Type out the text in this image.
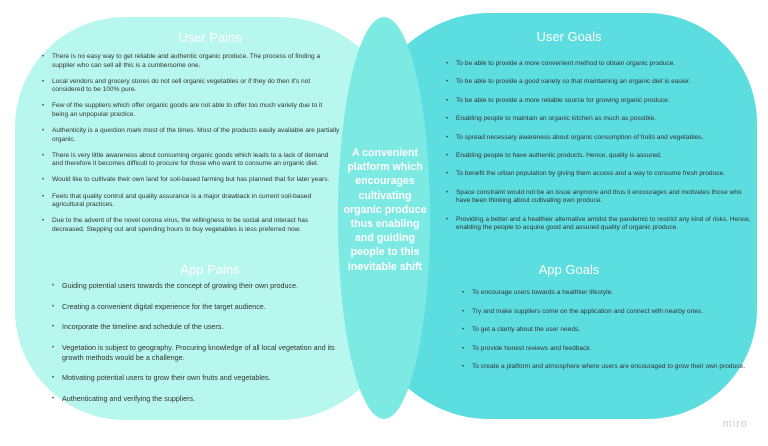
User Pains
• There is no easy way to get reliable and authentic organic produce. The process of finding a supplier who can sell all this is a cumbersome one.
• Local vendors and grocery stores do not sell organic vegetables or if they do then it's not considered to be 100% pure.
• Few of the suppliers which offer organic goods are not able to offer too much variety due to it being an unpopular practice.
• Authenticity is a question mark most of the times. Most of the products easily available are partially organic.
• There is very little awareness about consuming organic goods which leads to a lack of demand and therefore it becomes difficult to procure for those who want to consume an organic diet.
• Would like to cultivate their own land for soil-based farming but has planned that for later years.
• Feels that quality control and quality assurance is a major drawback in current soil-based agricultural practices.
• Due to the advent of the novel corona virus, the willingness to be social and interact has decreased. Stepping out and spending hours to buy vegetables is less preferred now.
App Pains
• Guiding potential users towards the concept of growing their own produce.
• Creating a convenient digital experience for the target audience.
• Incorporate the timeline and schedule of the users.
• Vegetation is subject to geography. Procuring knowledge of all local vegetation and its growth methods would be a challenge.
• Motivating potential users to grow their own fruits and vegetables.
• Authenticating and verifying the suppliers.
User Goals
• To be able to provide a more convenient method to obtain organic produce.
• To be able to provide a good variety so that maintaining an organic diet is easier.
• To be able to provide a more reliable source for growing organic produce.
• Enabling people to maintain an organic kitchen as much as possible.
• To spread necessary awareness about organic consumption of fruits and vegetables.
• Enabling people to have authentic products. Hence, quality is assured.
• To benefit the urban population by giving them access and a way to consume fresh produce.
• Space constraint would not be an issue anymore and thus it encourages and motivates those who have been thinking about cultivating own produce.
• Providing a better and a healthier alternative amidst the pandemic to restrict any kind of risks. Hence, enabling the people to acquire good and assured quality of organic produce.
App Goals
• To encourage users towards a healthier lifestyle.
• Try and make suppliers come on the application and connect with nearby ones.
• To get a clarity about the user needs.
• To provide honest reviews and feedback.
• To create a platform and atmosphere where users are encouraged to grow their own produce.
A convenient platform which encourages cultivating organic produce thus enabling and guiding people to this inevitable shift
miro
